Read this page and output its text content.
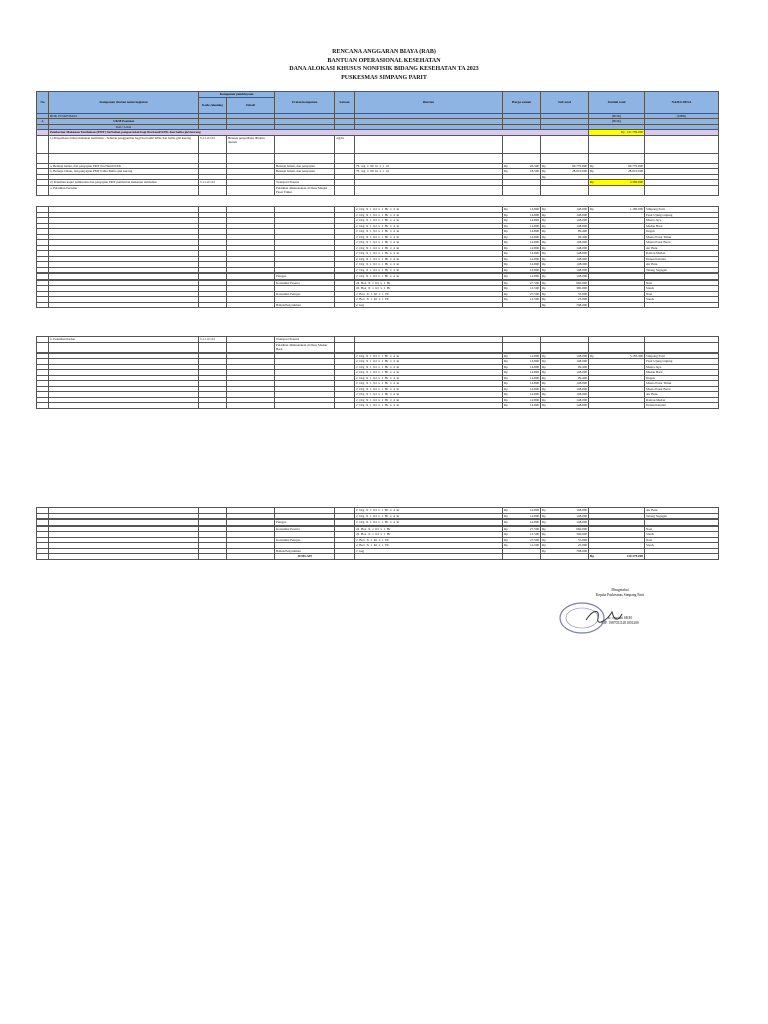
RENCANA ANGGARAN BIAYA (RAB)
BANTUAN OPERASIONAL KESEHATAN
DANA ALOKASI KHUSUS NONFISIK BIDANG KESEHATAN TA 2023
PUSKESMAS SIMPANG PARIT
No	Komponen rincian menu kegiatan	Komponen pembiayaan		Uraian komponen	Satuan	Rincian	Harga satuan	Sub total	Jumlah total	NAMA DESA
		Kode rekening	Detail							
	BOK PUSKESMAS								(BOK)	(MBR)
A	UKM Esensial								(BOK)	
	DAU Lokal									
	Pemberian Makanan Tambahan (PMT) berbahan pangan lokal bagi ibu hamil KEK dan balita gizi kurang								Rp  141.789.000	
	1) Penyediaan bahan makanan tambahan - Sebutan penggantian bagi ibu hamil KEK dan balita gizi kurang	5.1.1.01.52	Belanja penyediaan dibantu daerah		org/hr					

	a. Belanja bahan, dan penyajian PMT ibu Hamil KEK			Belanja bahan, dan penyajian		76 org x 90 hr x 1 kl	Rp 26.300	Rp 99.770.000	Rp 99.770.000	

	b. Belanja bahan, dan penyajian PMT balita Balita gizi kurang			Belanja bahan, dan penyajian		76 org x 90 hr x 1 kl	Rp 18.500	Rp 28.019.000	Rp 28.019.000	

								Rp		
	2) Pelatihan kader pemberian dan penyajian PMT pemberian makanan tambahan	5.1.1.01.52		Transport Peserta					Rp 4.380.000	

	a. Pelatihan Pertama			Pelatihan dilaksanakan di Desa Masjid Pasar Timur						
						2  Org  X  1  Kl  x  1  Hr  x  4  kt	Rp 14.800	Rp 148.000	Rp 1.180.000	Simpang Parit
						2  Org  X  1  Kl  x  1  Hr  x  4  kt	Rp 14.800	Rp 148.000		Pasir Ujung tanjung
						2  Org  X  1  Kl  x  1  Hr  x  4  kt	Rp 14.800	Rp 148.000		Muara Jaya
						2  Org  X  1  Kl  x  1  Hr  x  4  kt	Rp 14.800	Rp 148.000		Medan Baru
						2  Org  X  1  Kl  x  1  Hr  x  4  kt	Rp 14.800	Rp 99.400		Dagoh
						2  Org  X  1  Kl  x  1  Hr  x  4  kt	Rp 14.800	Rp 99.400		Muara Pasar Timur
						2  Org  X  1  Kl  x  1  Hr  x  4  kt	Rp 14.800	Rp 148.000		Muara Pasar Barat
						2  Org  X  1  Kl  x  1  Hr  x  4  kt	Rp 14.800	Rp 148.000		Air Batu
						2  Org  X  1  Kl  x  1  Hr  x  4  kt	Rp 14.800	Rp 148.000		Rantau Medan
						2  Org  X  1  Kl  x  1  Hr  x  4  kt	Rp 14.800	Rp 148.000		Danau Ketulan
						2  Org  X  1  Kl  x  1  Hr  x  4  kt	Rp 14.800	Rp 148.000		Air Batu
						2  Org  X  1  Kl  x  1  Hr  x  4  kt	Rp 14.800	Rp 148.000		Talang Segegah

				Petugas		2  Org  X  1  Kl  x  1  Hr  x  4  kt	Rp 14.800	Rp 148.000		

				Konsumsi Peserta		24  Box  X  1  Kl  x  1  Hr	Rp 27.500	Rp 660.000		Nasi
						24  Box  X  1  Kl  x  1  Hr	Rp 12.500	Rp 300.000		Snack
				Konsumsi Petugas		2  Box  X  1  Kl  x  1  Hr	Rp 27.500	Rp 55.000		Nasi
						2  Box  X  1  Kl  x  1  Hr	Rp 12.500	Rp 25.000		Snack
				Bahan/Penyuluhan		2  keg		Rp 798.000		

	b. Pelatihan Kedua	5.1.1.01.52		Transport Peserta						
				Pelatihan dilaksanakan di Desa Medan Baru						

						2  Org  X  1  Kl  x  1  Hr  x  4  kt	Rp 14.800	Rp 148.000	Rp 5.185.400	Simpang Parit
						2  Org  X  1  Kl  x  1  Hr  x  4  kt	Rp 14.800	Rp 148.000		Pasir Ujung tanjung
						2  Org  X  1  Kl  x  1  Hr  x  4  kt	Rp 14.800	Rp 99.400		Muara Jaya
						2  Org  X  1  Kl  x  1  Hr  x  4  kt	Rp 14.800	Rp 148.000		Medan Baru
						2  Org  X  1  Kl  x  1  Hr  x  4  kt	Rp 14.800	Rp 99.400		Dagoh
						2  Org  X  1  Kl  x  1  Hr  x  4  kt	Rp 14.800	Rp 148.000		Muara Pasar Timur
						2  Org  X  1  Kl  x  1  Hr  x  4  kt	Rp 14.800	Rp 148.000		Muara Pasar Barat
						2  Org  X  1  Kl  x  1  Hr  x  4  kt	Rp 14.800	Rp 148.000		Air Batu
						2  Org  X  1  Kl  x  1  Hr  x  4  kt	Rp 14.800	Rp 148.000		Rantau Medan
						2  Org  X  1  Kl  x  1  Hr  x  4  kt	Rp 14.800	Rp 148.000		Danau Ketulan
						2  Org  X  1  Kl  x  1  Hr  x  4  kt	Rp 14.800	Rp 148.000		Air Batu
						2  Org  X  1  Kl  x  1  Hr  x  4  kt	Rp 14.800	Rp 148.000		Talang Segegah

				Petugas		2  Org  X  1  Kl  x  1  Hr  x  4  kt	Rp 14.800	Rp 148.000		

				Konsumsi Peserta		24  Box  X  1  Kl  x  1  Hr	Rp 27.500	Rp 660.000		Nasi
						24  Box  X  1  Kl  x  1  Hr	Rp 12.500	Rp 300.000		Snack
				Konsumsi Petugas		2  Box  X  1  Kl  x  1  Hr	Rp 27.500	Rp 55.000		Nasi
						2  Box  X  1  Kl  x  1  Hr	Rp 12.500	Rp 25.000		Snack
				Bahan/Penyuluhan		2  keg		Rp 798.000		

				JUMLAH					Rp 149.378.000	

Mengetahui
Kepala Puskesmas Simpang Parit
Ir. Apriani SKM
NIP. 19870311201001200
